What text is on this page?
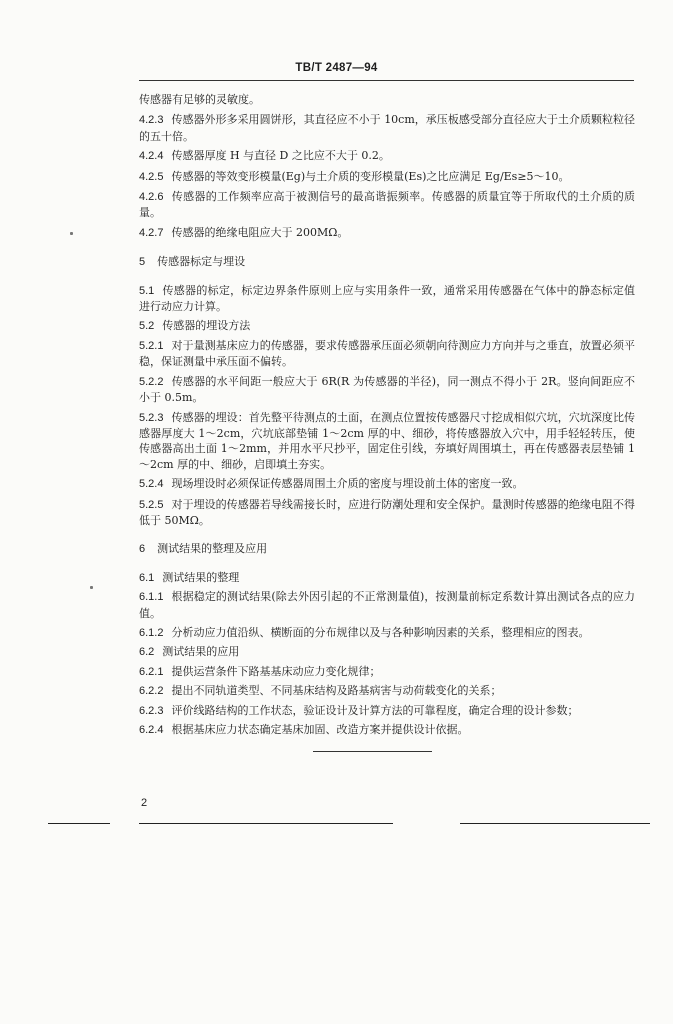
TB/T 2487—94

传感器有足够的灵敏度。

4.2.3 传感器外形多采用圆饼形，其直径应不小于 10cm，承压板感受部分直径应大于土介质颗粒粒径的五十倍。

4.2.4 传感器厚度 H 与直径 D 之比应不大于 0.2。

4.2.5 传感器的等效变形模量(Eg)与土介质的变形模量(Es)之比应满足 Eg/Es≥5～10。

4.2.6 传感器的工作频率应高于被测信号的最高谐振频率。传感器的质量宜等于所取代的土介质的质量。

4.2.7 传感器的绝缘电阻应大于 200MΩ。

5 传感器标定与埋设

5.1 传感器的标定，标定边界条件原则上应与实用条件一致，通常采用传感器在气体中的静态标定值进行动应力计算。

5.2 传感器的埋设方法

5.2.1 对于量测基床应力的传感器，要求传感器承压面必须朝向待测应力方向并与之垂直，放置必须平稳，保证测量中承压面不偏转。

5.2.2 传感器的水平间距一般应大于 6R(R 为传感器的半径)，同一测点不得小于 2R。竖向间距应不小于 0.5m。

5.2.3 传感器的埋设：首先整平待测点的土面，在测点位置按传感器尺寸挖成相似穴坑，穴坑深度比传感器厚度大 1～2cm，穴坑底部垫铺 1～2cm 厚的中、细砂，将传感器放入穴中，用手轻轻转压，使传感器高出土面 1～2mm，并用水平尺抄平，固定住引线，夯填好周围填土，再在传感器表层垫铺 1～2cm 厚的中、细砂，启即填土夯实。

5.2.4 现场埋设时必须保证传感器周围土介质的密度与埋设前土体的密度一致。

5.2.5 对于埋设的传感器若导线需接长时，应进行防潮处理和安全保护。量测时传感器的绝缘电阻不得低于 50MΩ。

6 测试结果的整理及应用

6.1 测试结果的整理

6.1.1 根据稳定的测试结果(除去外因引起的不正常测量值)，按测量前标定系数计算出测试各点的应力值。

6.1.2 分析动应力值沿纵、横断面的分布规律以及与各种影响因素的关系，整理相应的图表。

6.2 测试结果的应用

6.2.1 提供运营条件下路基基床动应力变化规律；

6.2.2 提出不同轨道类型、不同基床结构及路基病害与动荷载变化的关系；

6.2.3 评价线路结构的工作状态，验证设计及计算方法的可靠程度，确定合理的设计参数；

6.2.4 根据基床应力状态确定基床加固、改造方案并提供设计依据。

2
